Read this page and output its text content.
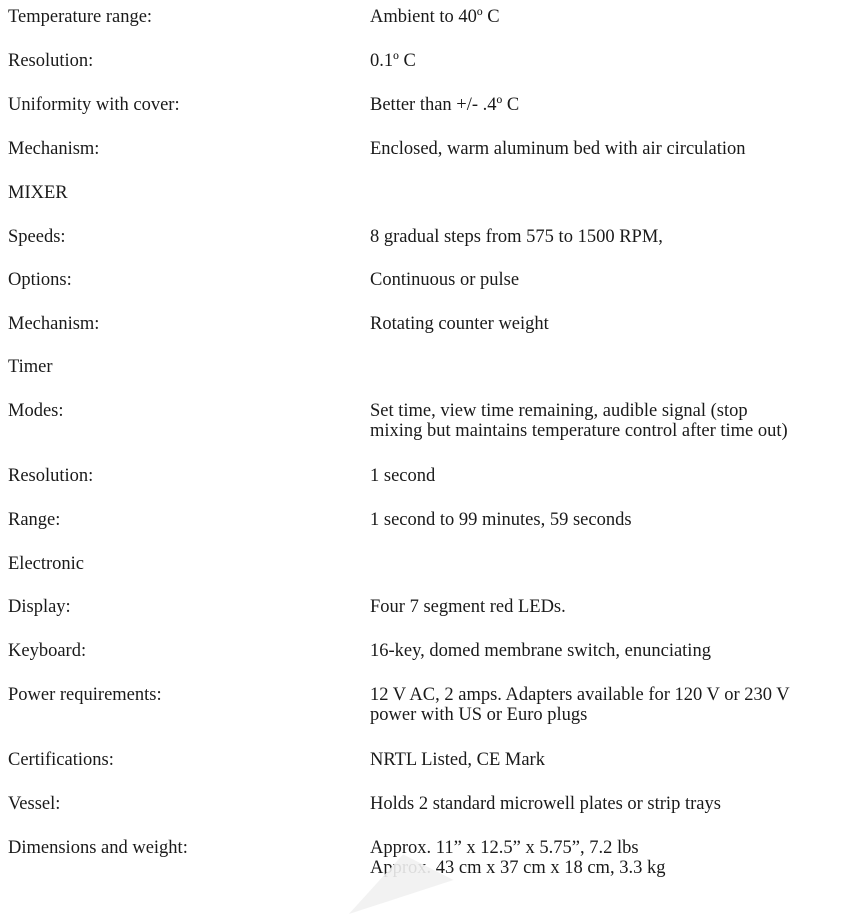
Temperature range:	Ambient to 40º C
Resolution:	0.1º C
Uniformity with cover:	Better than +/- .4º C
Mechanism:	Enclosed, warm aluminum bed with air circulation
MIXER
Speeds:	8 gradual steps from 575 to 1500 RPM,
Options:	Continuous or pulse
Mechanism:	Rotating counter weight
Timer
Modes:	Set time, view time remaining, audible signal (stop
mixing but maintains temperature control after time out)
Resolution:	1 second
Range:	1 second to 99 minutes, 59 seconds
Electronic
Display:	Four 7 segment red LEDs.
Keyboard:	16-key, domed membrane switch, enunciating
Power requirements:	12 V AC, 2 amps. Adapters available for 120 V or 230 V
power with US or Euro plugs
Certifications:	NRTL Listed, CE Mark
Vessel:	Holds 2 standard microwell plates or strip trays
Dimensions and weight:	Approx. 11” x 12.5” x 5.75”, 7.2 lbs
Approx. 43 cm x 37 cm x 18 cm, 3.3 kg
